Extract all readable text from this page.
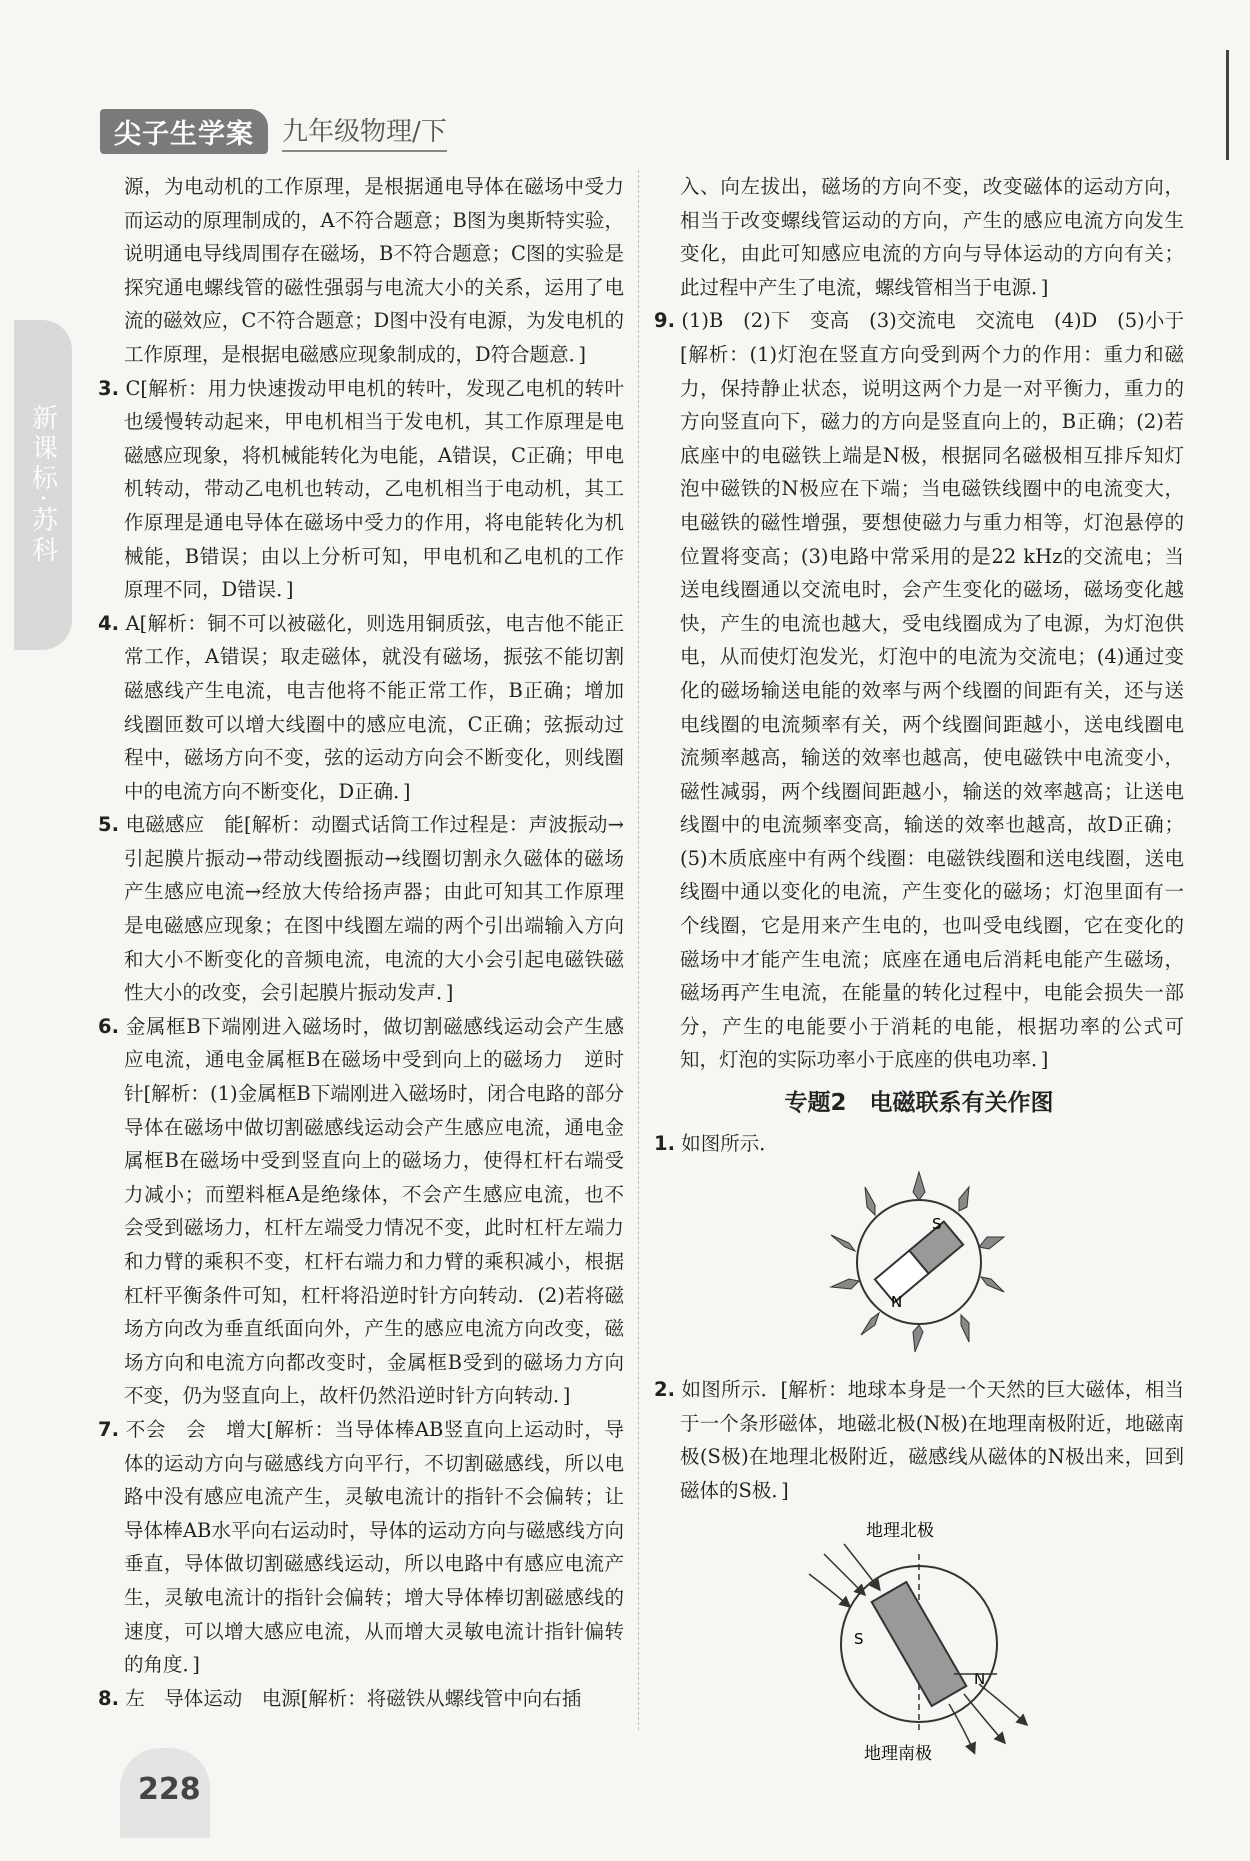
尖子生学案	九年级物理/下
新课标·苏科

源，为电动机的工作原理，是根据通电导体在磁场中受力而运动的原理制成的，A不符合题意；B图为奥斯特实验，说明通电导线周围存在磁场，B不符合题意；C图的实验是探究通电螺线管的磁性强弱与电流大小的关系，运用了电流的磁效应，C不符合题意；D图中没有电源，为发电机的工作原理，是根据电磁感应现象制成的，D符合题意．]

3. C[解析：用力快速拨动甲电机的转叶，发现乙电机的转叶也缓慢转动起来，甲电机相当于发电机，其工作原理是电磁感应现象，将机械能转化为电能，A错误，C正确；甲电机转动，带动乙电机也转动，乙电机相当于电动机，其工作原理是通电导体在磁场中受力的作用，将电能转化为机械能，B错误；由以上分析可知，甲电机和乙电机的工作原理不同，D错误．]

4. A[解析：铜不可以被磁化，则选用铜质弦，电吉他不能正常工作，A错误；取走磁体，就没有磁场，振弦不能切割磁感线产生电流，电吉他将不能正常工作，B正确；增加线圈匝数可以增大线圈中的感应电流，C正确；弦振动过程中，磁场方向不变，弦的运动方向会不断变化，则线圈中的电流方向不断变化，D正确．]

5. 电磁感应　能[解析：动圈式话筒工作过程是：声波振动→引起膜片振动→带动线圈振动→线圈切割永久磁体的磁场产生感应电流→经放大传给扬声器；由此可知其工作原理是电磁感应现象；在图中线圈左端的两个引出端输入方向和大小不断变化的音频电流，电流的大小会引起电磁铁磁性大小的改变，会引起膜片振动发声．]

6. 金属框B下端刚进入磁场时，做切割磁感线运动会产生感应电流，通电金属框B在磁场中受到向上的磁场力　逆时针[解析：(1)金属框B下端刚进入磁场时，闭合电路的部分导体在磁场中做切割磁感线运动会产生感应电流，通电金属框B在磁场中受到竖直向上的磁场力，使得杠杆右端受力减小；而塑料框A是绝缘体，不会产生感应电流，也不会受到磁场力，杠杆左端受力情况不变，此时杠杆左端力和力臂的乘积不变，杠杆右端力和力臂的乘积减小，根据杠杆平衡条件可知，杠杆将沿逆时针方向转动．(2)若将磁场方向改为垂直纸面向外，产生的感应电流方向改变，磁场方向和电流方向都改变时，金属框B受到的磁场力方向不变，仍为竖直向上，故杆仍然沿逆时针方向转动．]

7. 不会　会　增大[解析：当导体棒AB竖直向上运动时，导体的运动方向与磁感线方向平行，不切割磁感线，所以电路中没有感应电流产生，灵敏电流计的指针不会偏转；让导体棒AB水平向右运动时，导体的运动方向与磁感线方向垂直，导体做切割磁感线运动，所以电路中有感应电流产生，灵敏电流计的指针会偏转；增大导体棒切割磁感线的速度，可以增大感应电流，从而增大灵敏电流计指针偏转的角度．]

8. 左　导体运动　电源[解析：将磁铁从螺线管中向右插

入、向左拔出，磁场的方向不变，改变磁体的运动方向，相当于改变螺线管运动的方向，产生的感应电流方向发生变化，由此可知感应电流的方向与导体运动的方向有关；此过程中产生了电流，螺线管相当于电源．]

9. (1)B　(2)下　变高　(3)交流电　交流电　(4)D　(5)小于[解析：(1)灯泡在竖直方向受到两个力的作用：重力和磁力，保持静止状态，说明这两个力是一对平衡力，重力的方向竖直向下，磁力的方向是竖直向上的，B正确；(2)若底座中的电磁铁上端是N极，根据同名磁极相互排斥知灯泡中磁铁的N极应在下端；当电磁铁线圈中的电流变大，电磁铁的磁性增强，要想使磁力与重力相等，灯泡悬停的位置将变高；(3)电路中常采用的是22 kHz的交流电；当送电线圈通以交流电时，会产生变化的磁场，磁场变化越快，产生的电流也越大，受电线圈成为了电源，为灯泡供电，从而使灯泡发光，灯泡中的电流为交流电；(4)通过变化的磁场输送电能的效率与两个线圈的间距有关，还与送电线圈的电流频率有关，两个线圈间距越小，送电线圈电流频率越高，输送的效率也越高，使电磁铁中电流变小，磁性减弱，两个线圈间距越小，输送的效率越高；让送电线圈中的电流频率变高，输送的效率也越高，故D正确；(5)木质底座中有两个线圈：电磁铁线圈和送电线圈，送电线圈中通以变化的电流，产生变化的磁场；灯泡里面有一个线圈，它是用来产生电的，也叫受电线圈，它在变化的磁场中才能产生电流；底座在通电后消耗电能产生磁场，磁场再产生电流，在能量的转化过程中，电能会损失一部分，产生的电能要小于消耗的电能，根据功率的公式可知，灯泡的实际功率小于底座的供电功率．]

专题2　电磁联系有关作图

1. 如图所示．

S
N

2. 如图所示．[解析：地球本身是一个天然的巨大磁体，相当于一个条形磁体，地磁北极(N极)在地理南极附近，地磁南极(S极)在地理北极附近，磁感线从磁体的N极出来，回到磁体的S极．]

地理北极
S
N
地理南极
228
